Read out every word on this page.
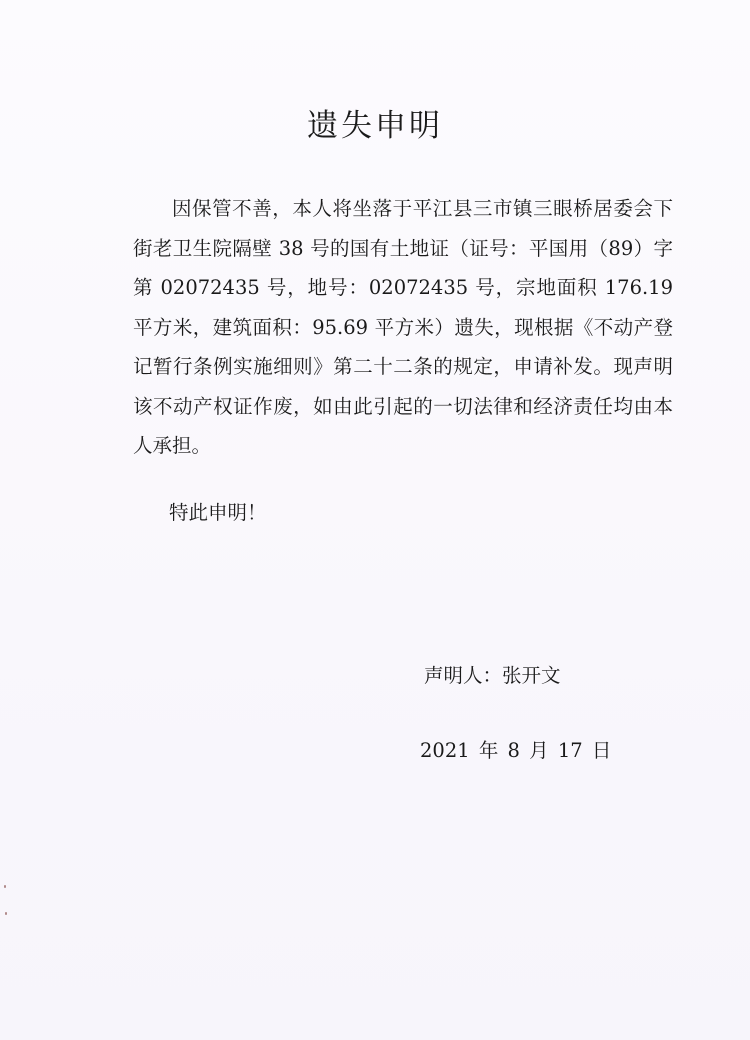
遗失申明

因保管不善，本人将坐落于平江县三市镇三眼桥居委会下街老卫生院隔壁 38 号的国有土地证（证号：平国用（89）字第 02072435 号，地号：02072435 号，宗地面积 176.19 平方米，建筑面积：95.69 平方米）遗失，现根据《不动产登记暂行条例实施细则》第二十二条的规定，申请补发。现声明该不动产权证作废，如由此引起的一切法律和经济责任均由本人承担。

特此申明！

声明人：张开文

2021 年 8 月 17 日
